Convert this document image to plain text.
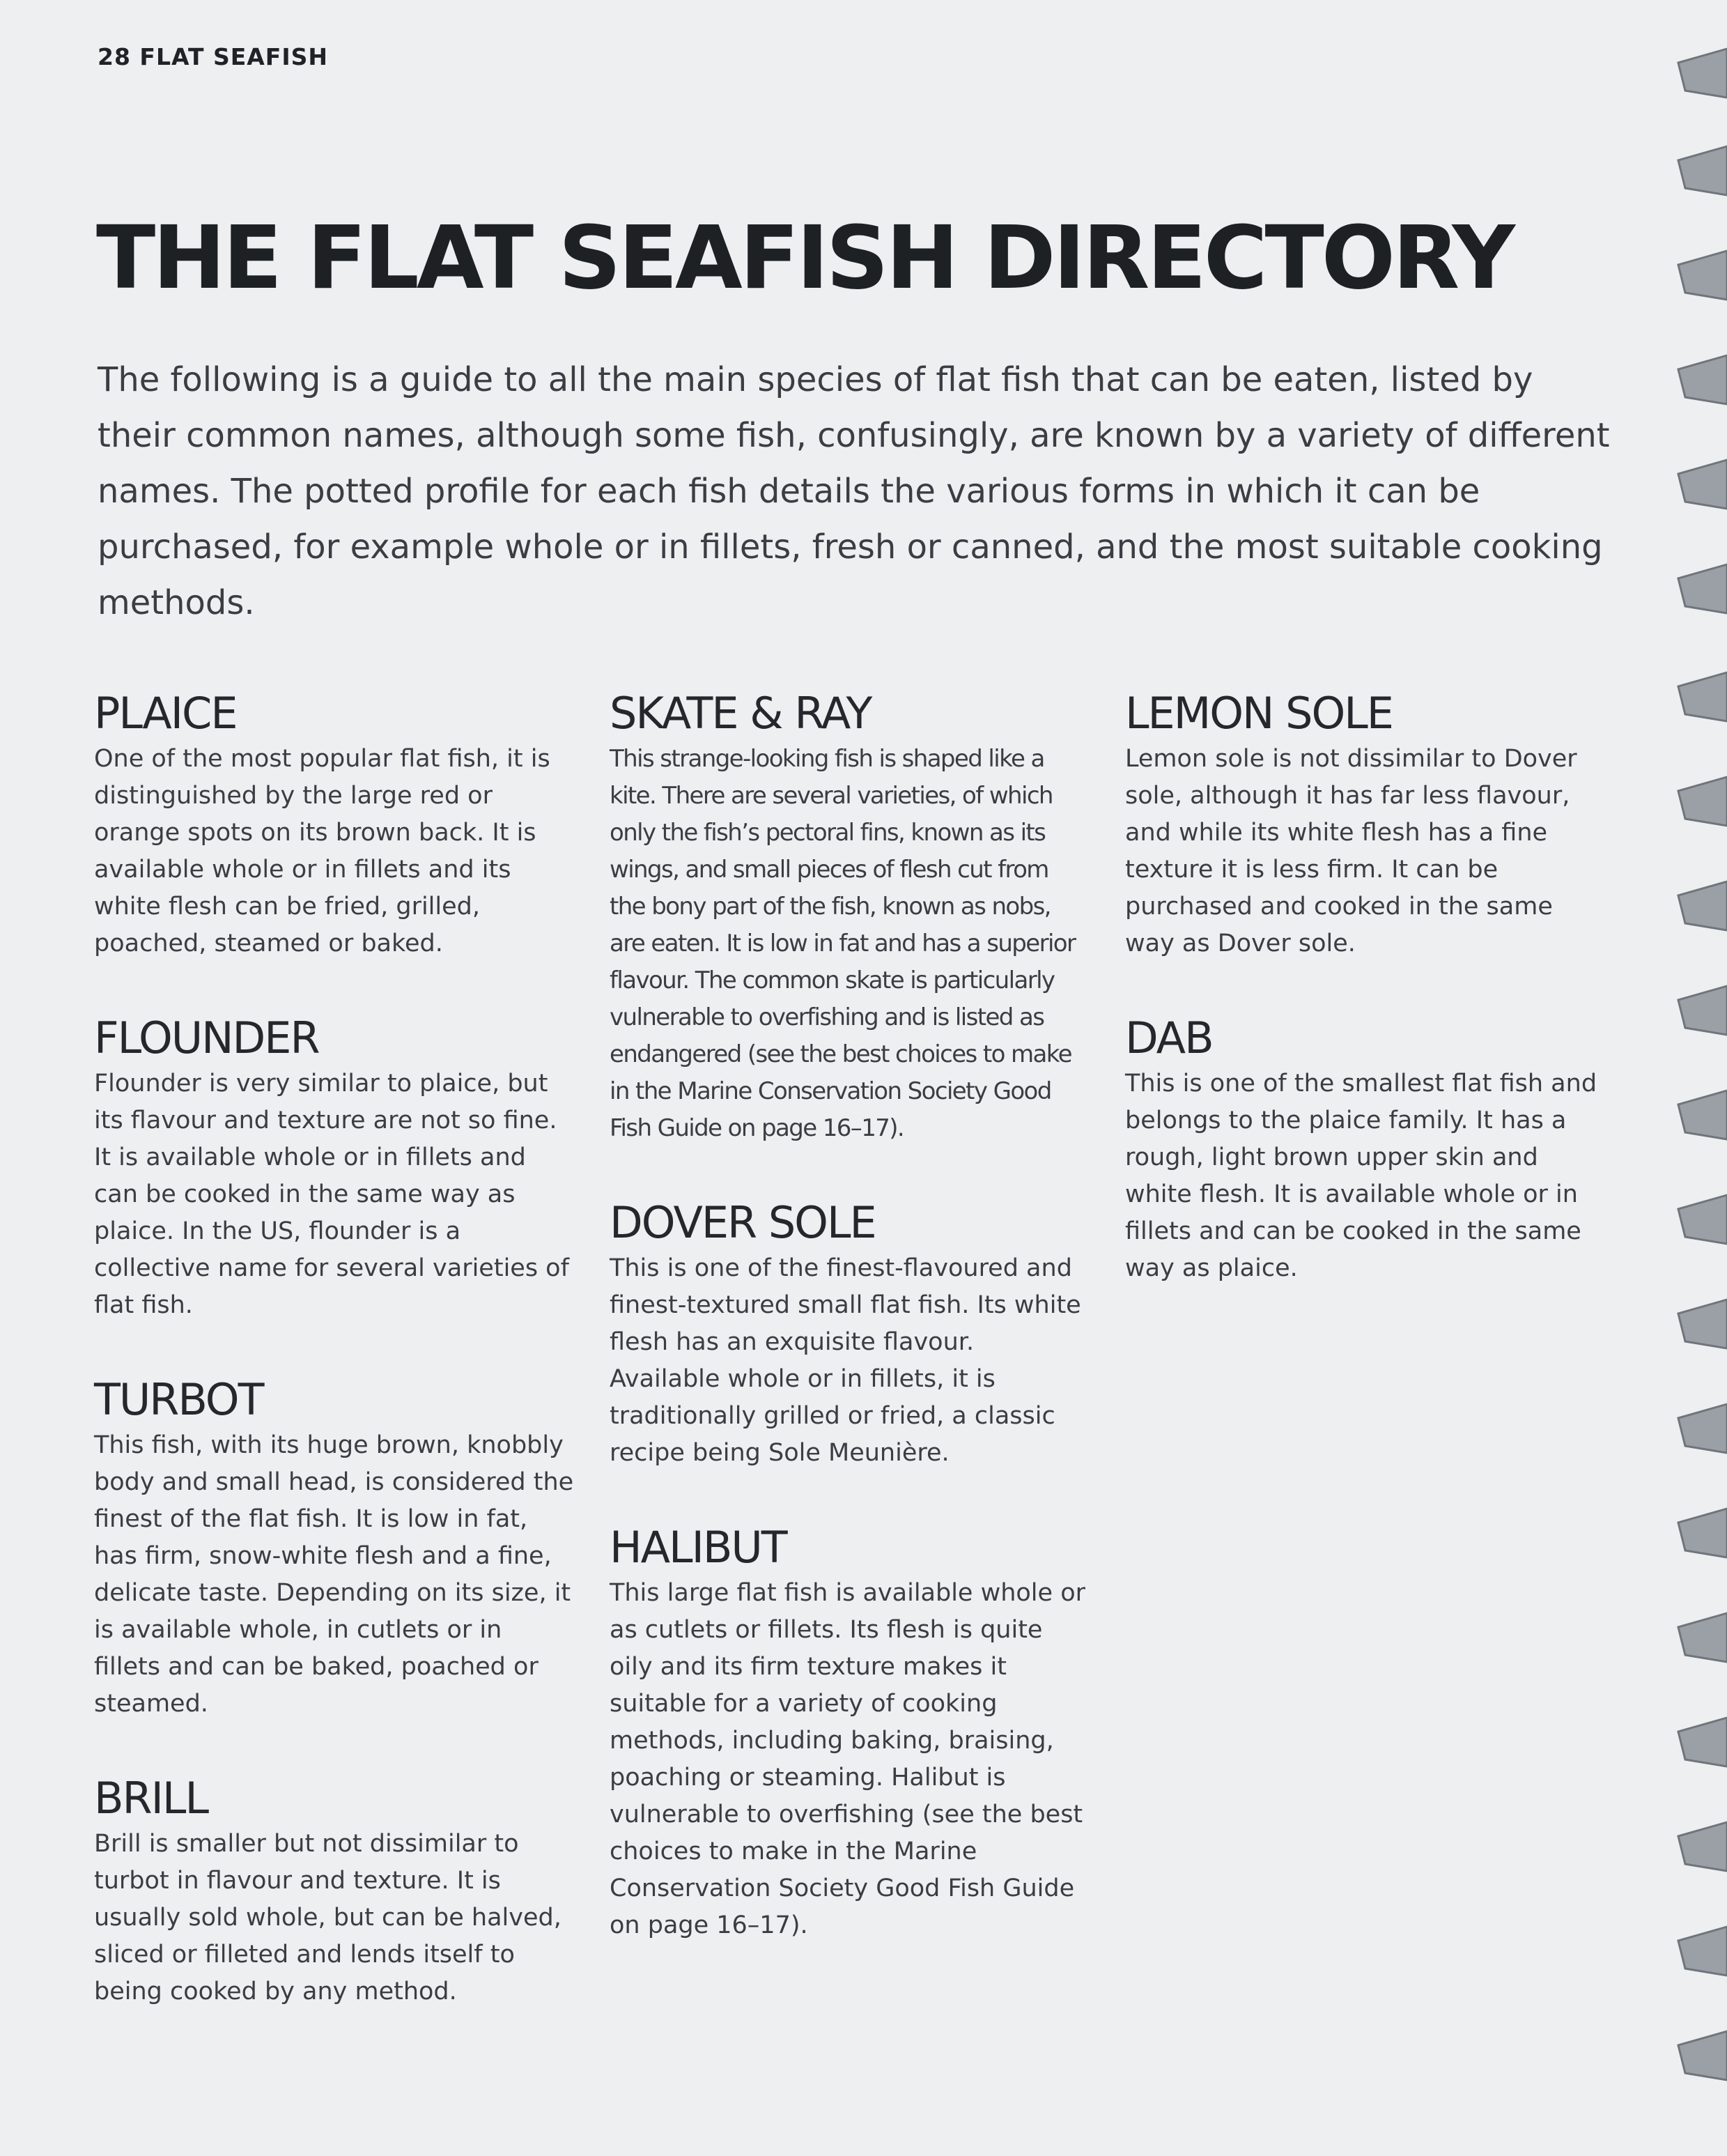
28 FLAT SEAFISH
THE FLAT SEAFISH DIRECTORY

The following is a guide to all the main species of flat fish that can be eaten, listed by their common names, although some fish, confusingly, are known by a variety of different names. The potted profile for each fish details the various forms in which it can be purchased, for example whole or in fillets, fresh or canned, and the most suitable cooking methods.

PLAICE

One of the most popular flat fish, it is distinguished by the large red or orange spots on its brown back. It is available whole or in fillets and its white flesh can be fried, grilled, poached, steamed or baked.

FLOUNDER

Flounder is very similar to plaice, but its flavour and texture are not so fine. It is available whole or in fillets and can be cooked in the same way as plaice. In the US, flounder is a collective name for several varieties of flat fish.

TURBOT

This fish, with its huge brown, knobbly body and small head, is considered the finest of the flat fish. It is low in fat, has firm, snow-white flesh and a fine, delicate taste. Depending on its size, it is available whole, in cutlets or in fillets and can be baked, poached or steamed.

BRILL

Brill is smaller but not dissimilar to turbot in flavour and texture. It is usually sold whole, but can be halved, sliced or filleted and lends itself to being cooked by any method.

SKATE & RAY

This strange-looking fish is shaped like a kite. There are several varieties, of which only the fish’s pectoral fins, known as its wings, and small pieces of flesh cut from the bony part of the fish, known as nobs, are eaten. It is low in fat and has a superior flavour. The common skate is particularly vulnerable to overfishing and is listed as endangered (see the best choices to make in the Marine Conservation Society Good Fish Guide on page 16–17).

DOVER SOLE

This is one of the finest-flavoured and finest-textured small flat fish. Its white flesh has an exquisite flavour. Available whole or in fillets, it is traditionally grilled or fried, a classic recipe being Sole Meunière.

HALIBUT

This large flat fish is available whole or as cutlets or fillets. Its flesh is quite oily and its firm texture makes it suitable for a variety of cooking methods, including baking, braising, poaching or steaming. Halibut is vulnerable to overfishing (see the best choices to make in the Marine Conservation Society Good Fish Guide on page 16–17).

LEMON SOLE

Lemon sole is not dissimilar to Dover sole, although it has far less flavour, and while its white flesh has a fine texture it is less firm. It can be purchased and cooked in the same way as Dover sole.

DAB

This is one of the smallest flat fish and belongs to the plaice family. It has a rough, light brown upper skin and white flesh. It is available whole or in fillets and can be cooked in the same way as plaice.
